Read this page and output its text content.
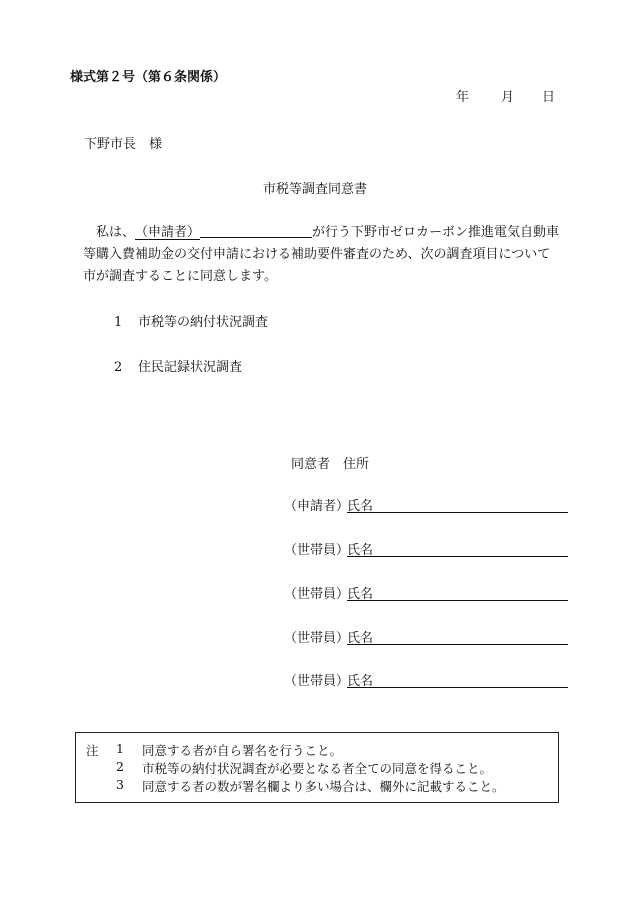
様式第２号（第６条関係）
年 月 日
下野市長　様
市税等調査同意書
私は、（申請者）	が行う下野市ゼロカーボン推進電気自動車等購入費補助金の交付申請における補助要件審査のため、次の調査項目について市が調査することに同意します。
1 市税等の納付状況調査
2 住民記録状況調査
同意者　住所
（申請者）
氏名
（世帯員）
氏名
（世帯員）
氏名
（世帯員）
氏名
（世帯員）
氏名
注 1 同意する者が自ら署名を行うこと。
2 市税等の納付状況調査が必要となる者全ての同意を得ること。
3 同意する者の数が署名欄より多い場合は、欄外に記載すること。
